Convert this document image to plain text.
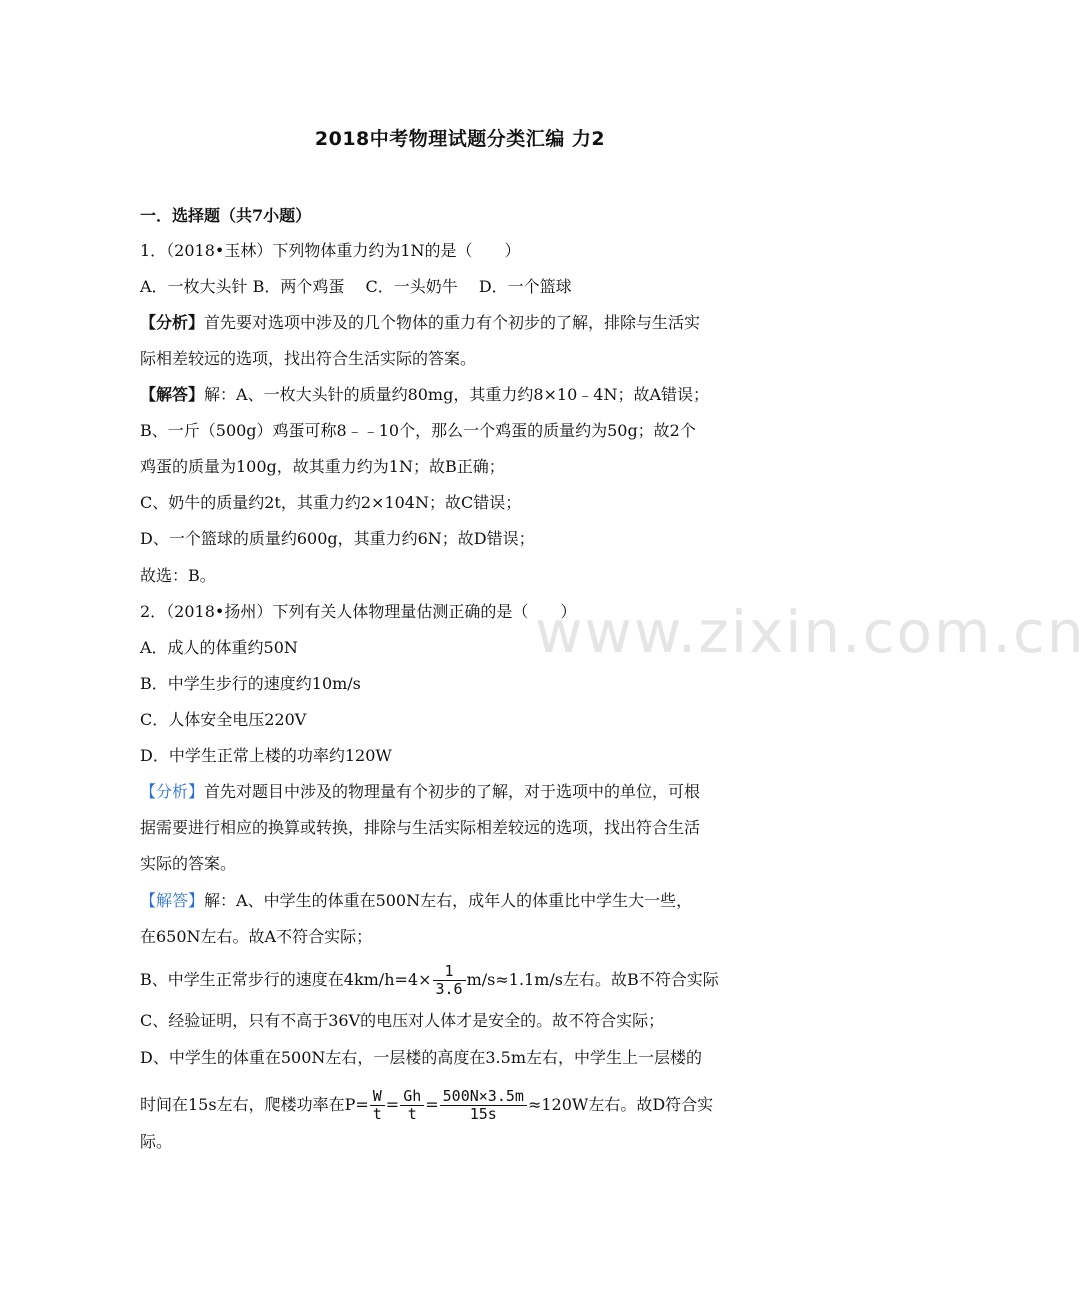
www.zixin.com.cn
2018中考物理试题分类汇编 力2
一．选择题（共7小题）
1．（2018•玉林）下列物体重力约为1N的是（　　）
A．一枚大头针 B．两个鸡蛋　 C．一头奶牛　 D．一个篮球
【分析】首先要对选项中涉及的几个物体的重力有个初步的了解，排除与生活实
际相差较远的选项，找出符合生活实际的答案。
【解答】解：A、一枚大头针的质量约80mg，其重力约8×10﹣4N；故A错误；
B、一斤（500g）鸡蛋可称8﹣﹣10个，那么一个鸡蛋的质量约为50g；故2个
鸡蛋的质量为100g，故其重力约为1N；故B正确；
C、奶牛的质量约2t，其重力约2×104N；故C错误；
D、一个篮球的质量约600g，其重力约6N；故D错误；
故选：B。
2．（2018•扬州）下列有关人体物理量估测正确的是（　　）
A．成人的体重约50N
B．中学生步行的速度约10m/s
C．人体安全电压220V
D．中学生正常上楼的功率约120W
【分析】首先对题目中涉及的物理量有个初步的了解，对于选项中的单位，可根
据需要进行相应的换算或转换，排除与生活实际相差较远的选项，找出符合生活
实际的答案。
【解答】解：A、中学生的体重在500N左右，成年人的体重比中学生大一些，
在650N左右。故A不符合实际；
B、中学生正常步行的速度在$4km/h=4\times \frac{1}{3.6} m/s\approx 1.1m/s$左右。故B不符合实际
C、经验证明，只有不高于36V的电压对人体才是安全的。故不符合实际；
D、中学生的体重在500N左右，一层楼的高度在3.5m左右，中学生上一层楼的
时间在15s左右，爬楼功率在$P= \frac{W}{t} = \frac{Gh}{t} = \frac{500N\times 3.5m}{15s} \approx 120W$左右。故D符合实
际。
